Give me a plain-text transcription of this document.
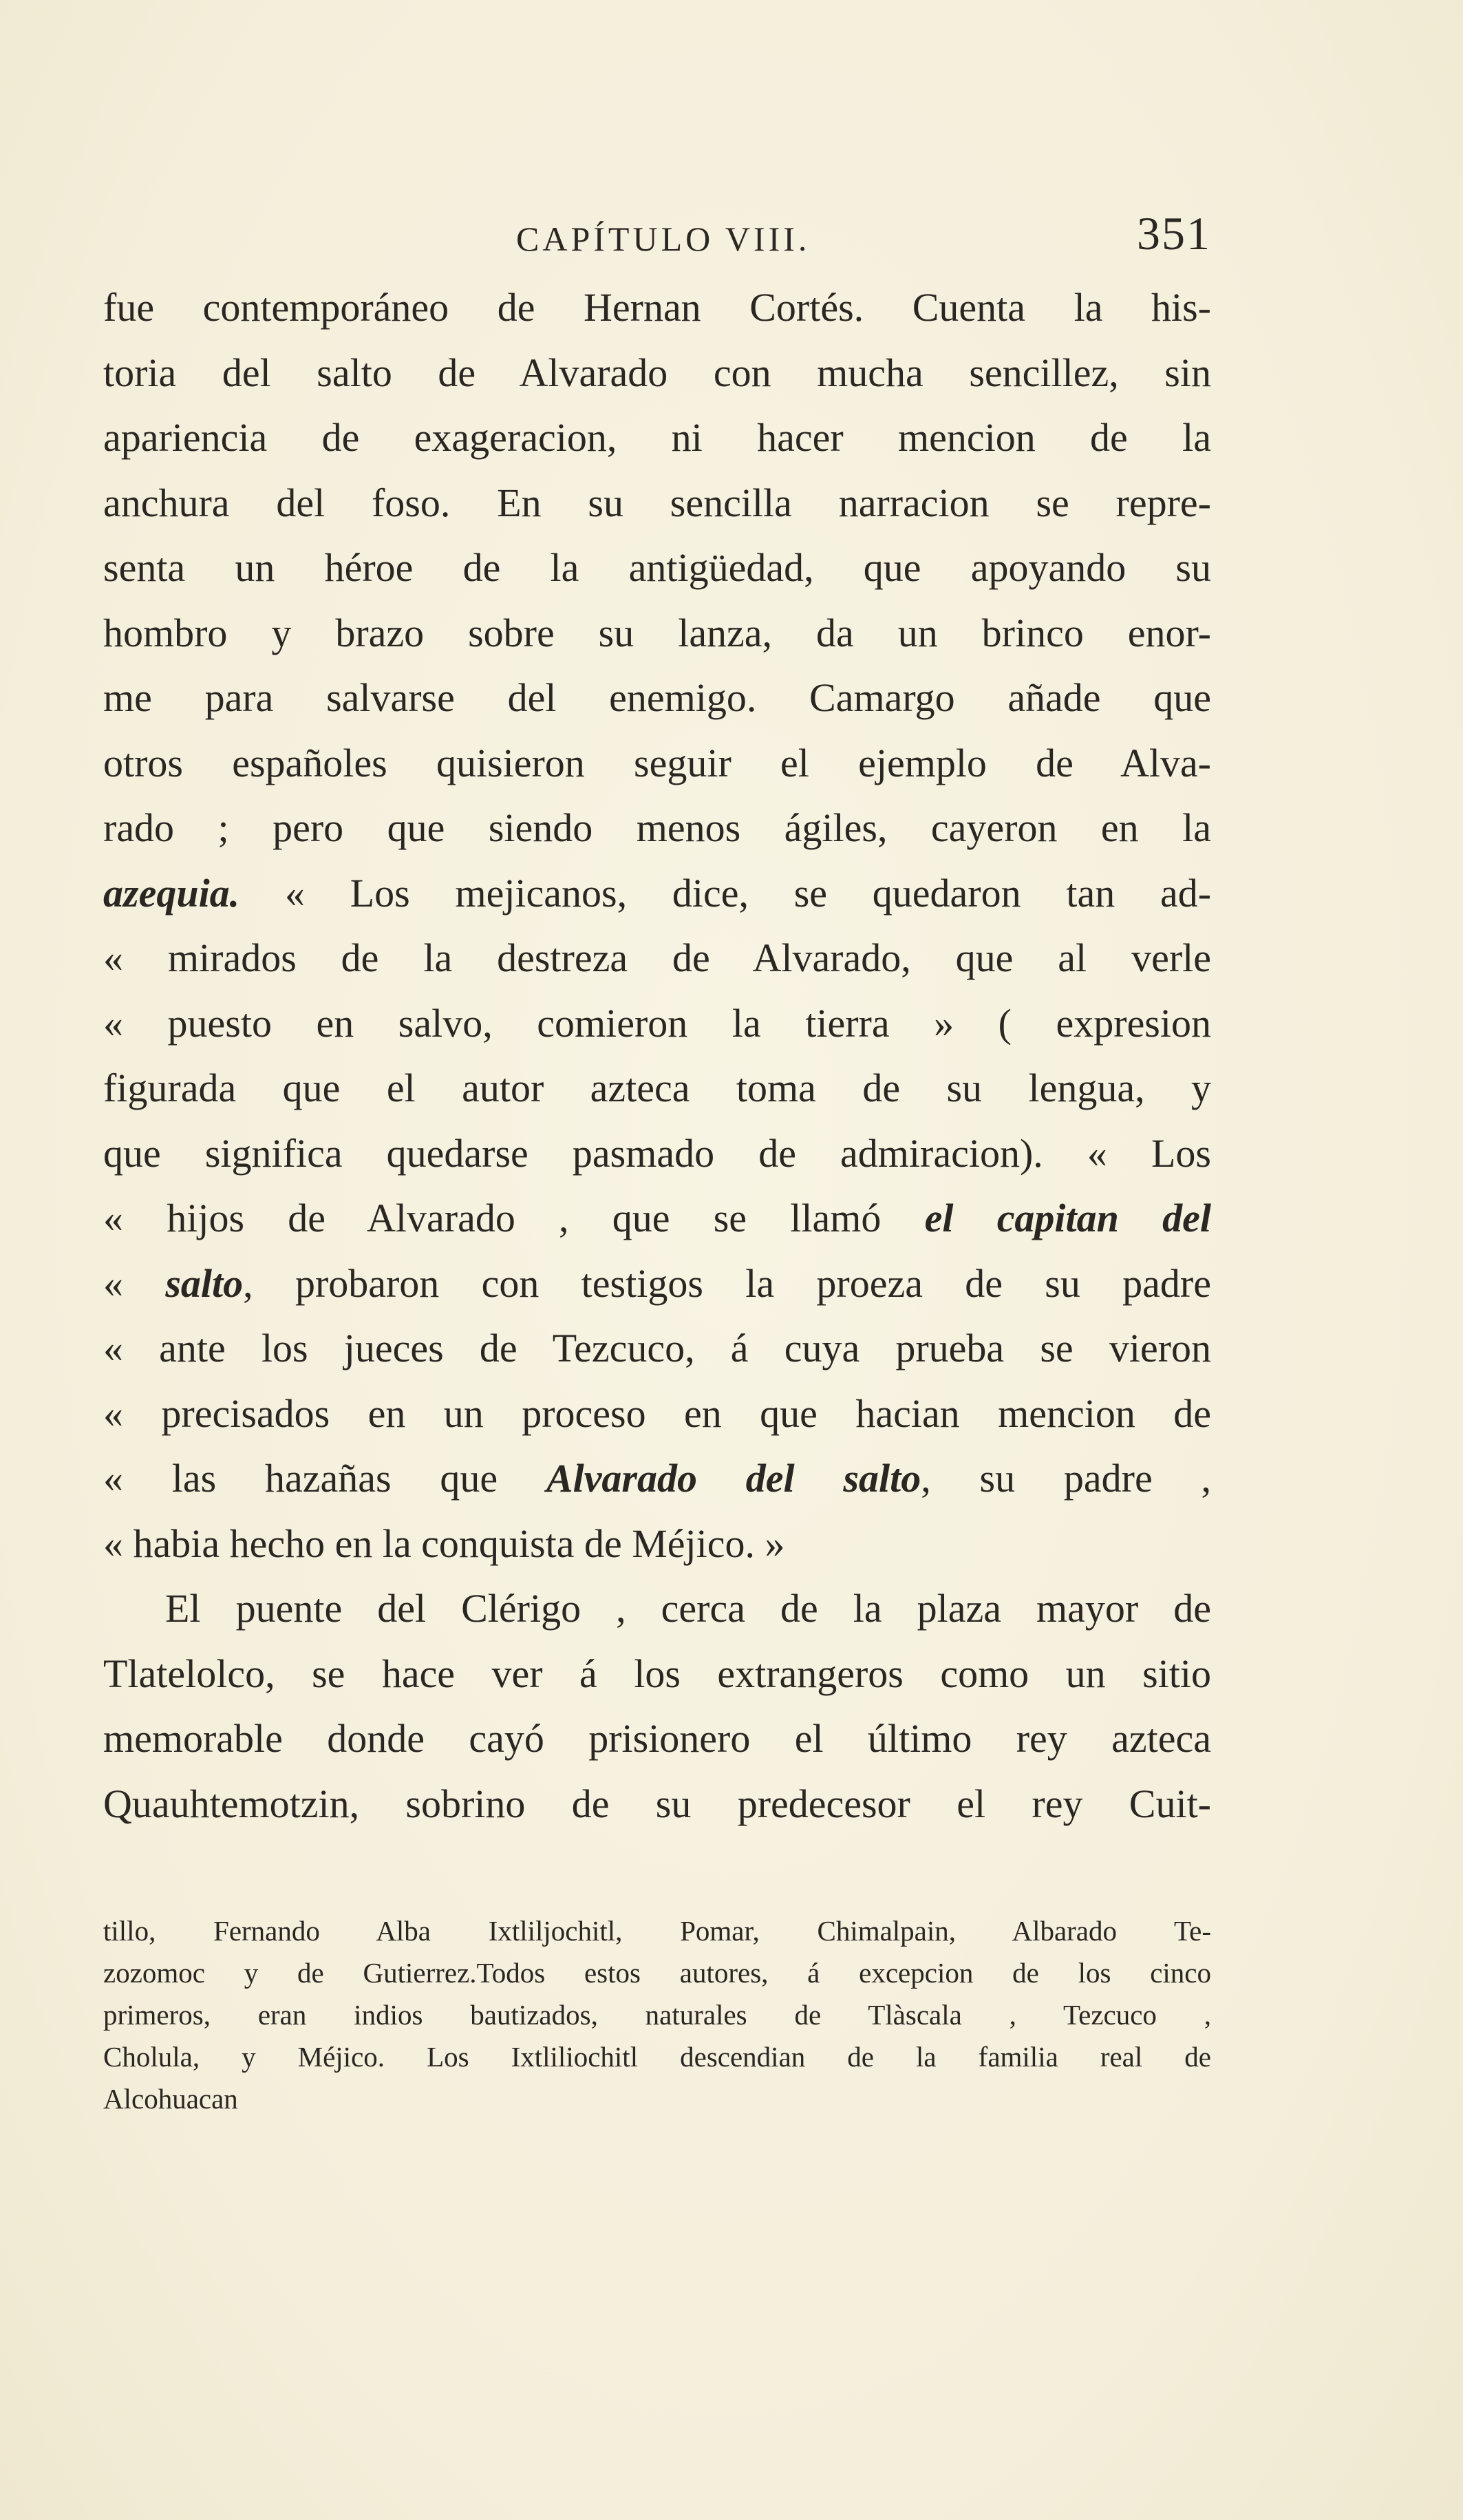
CAPÍTULO VIII.	351
fue contemporáneo de Hernan Cortés. Cuenta la his-
toria del salto de Alvarado con mucha sencillez, sin
apariencia de exageracion, ni hacer mencion de la
anchura del foso. En su sencilla narracion se repre-
senta un héroe de la antigüedad, que apoyando su
hombro y brazo sobre su lanza, da un brinco enor-
me para salvarse del enemigo. Camargo añade que
otros españoles quisieron seguir el ejemplo de Alva-
rado ; pero que siendo menos ágiles, cayeron en la
azequia. « Los mejicanos, dice, se quedaron tan ad-
« mirados de la destreza de Alvarado, que al verle
« puesto en salvo, comieron la tierra » ( expresion
figurada que el autor azteca toma de su lengua, y
que significa quedarse pasmado de admiracion). « Los
« hijos de Alvarado , que se llamó el capitan del
« salto, probaron con testigos la proeza de su padre
« ante los jueces de Tezcuco, á cuya prueba se vieron
« precisados en un proceso en que hacian mencion de
« las hazañas que Alvarado del salto, su padre ,
« habia hecho en la conquista de Méjico. »
El puente del Clérigo , cerca de la plaza mayor de
Tlatelolco, se hace ver á los extrangeros como un sitio
memorable donde cayó prisionero el último rey azteca
Quauhtemotzin, sobrino de su predecesor el rey Cuit-
tillo, Fernando Alba Ixtliljochitl, Pomar, Chimalpain, Albarado Te-
zozomoc y de Gutierrez.Todos estos autores, á excepcion de los cinco
primeros, eran indios bautizados, naturales de Tlàscala , Tezcuco ,
Cholula, y Méjico. Los Ixtliliochitl descendian de la familia real de
Alcohuacan
